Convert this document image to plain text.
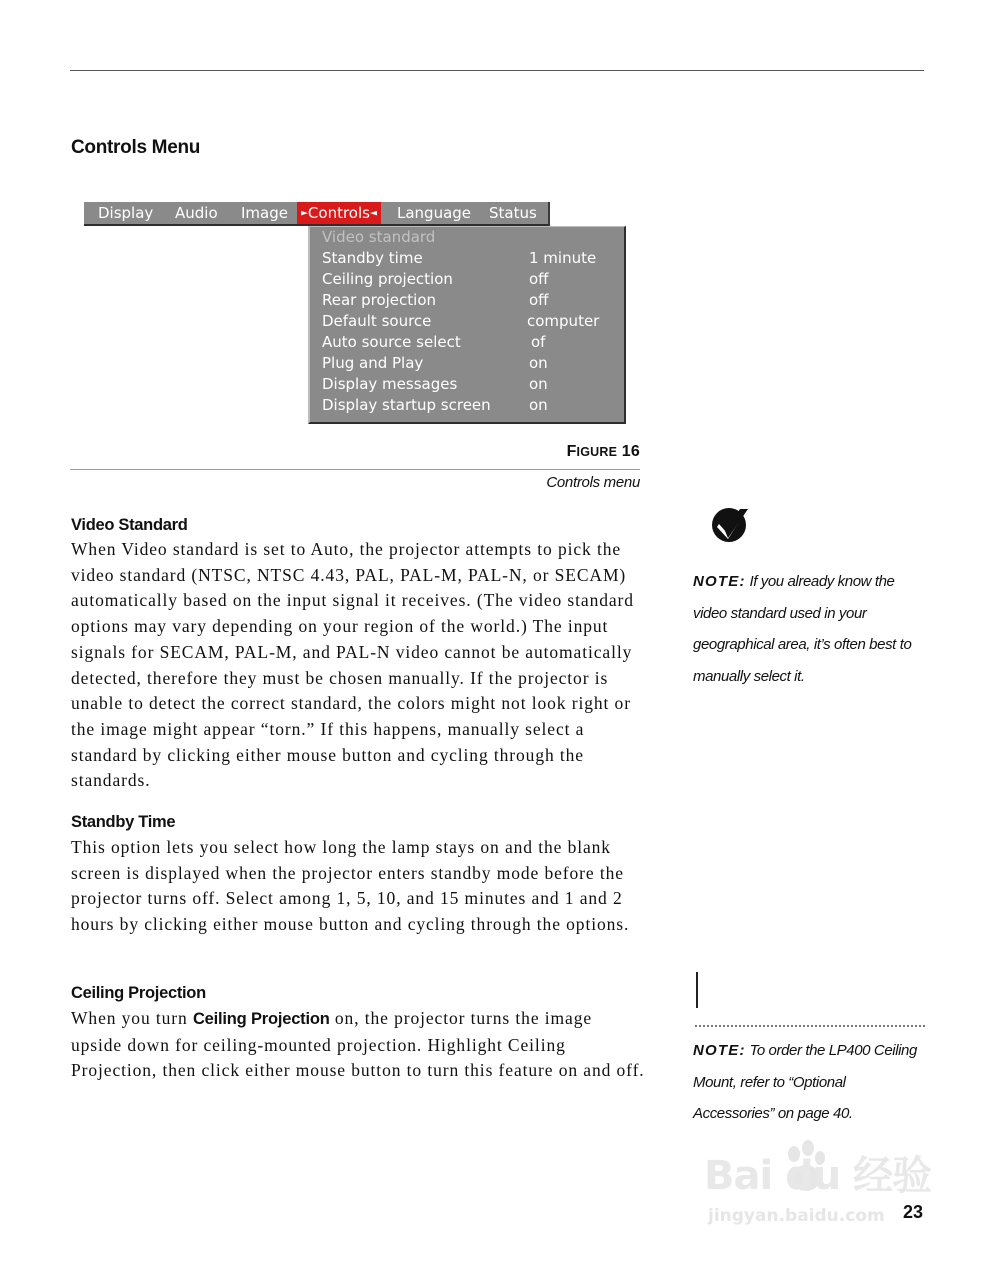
Controls Menu
Display Audio Image	►Controls◄ Language Status
Video standard
Standby time	1 minute
Ceiling projection	off
Rear projection	off
Default source	computer
Auto source select	of
Plug and Play	on
Display messages	on
Display startup screen	on
FIGURE 16
Controls menu
Video Standard

When Video standard is set to Auto, the projector attempts to pick the video standard (NTSC, NTSC 4.43, PAL, PAL-M, PAL-N, or SECAM) automatically based on the input signal it receives. (The video standard options may vary depending on your region of the world.) The input signals for SECAM, PAL-M, and PAL-N video cannot be automatically detected, therefore they must be chosen manually. If the projector is unable to detect the correct standard, the colors might not look right or the image might appear “torn.” If this happens, manually select a standard by clicking either mouse button and cycling through the standards.

Standby Time

This option lets you select how long the lamp stays on and the blank screen is displayed when the projector enters standby mode before the projector turns off. Select among 1, 5, 10, and 15 minutes and 1 and 2 hours by clicking either mouse button and cycling through the options.

Ceiling Projection

When you turn Ceiling Projection on, the projector turns the image upside down for ceiling-mounted projection. Highlight Ceiling Projection, then click either mouse button to turn this feature on and off.

NOTE: If you already know the video standard used in your geographical area, it’s often best to manually select it.

NOTE: To order the LP400 Ceiling Mount, refer to “Optional Accessories” on page 40.

Bai du 经验
jingyan.baidu.com 23
